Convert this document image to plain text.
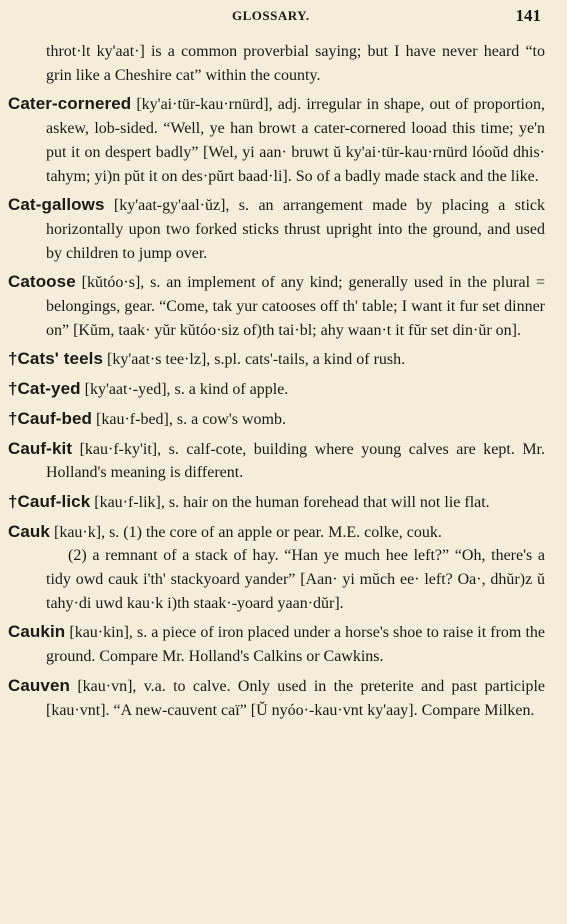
GLOSSARY.	141

throt·lt ky'aat·] is a common proverbial saying; but I have never heard “to grin like a Cheshire cat” within the county.

Cater-cornered [ky'ai·tür-kau·rnürd], adj. irregular in shape, out of proportion, askew, lob-sided. “Well, ye han browt a cater-cornered looad this time; ye'n put it on despert badly” [Wel, yi aan· bruwt ŭ ky'ai·tür-kau·rnürd lóoŭd dhis· tahym; yi)n pŭt it on des·pŭrt baad·li]. So of a badly made stack and the like.

Cat-gallows [ky'aat-gy'aal·ŭz], s. an arrangement made by placing a stick horizontally upon two forked sticks thrust upright into the ground, and used by children to jump over.

Catoose [kŭtóo·s], s. an implement of any kind; generally used in the plural = belongings, gear. “Come, tak yur catooses off th' table; I want it fur set dinner on” [Kŭm, taak· yŭr kŭtóo·siz of)th tai·bl; ahy waan·t it fŭr set din·ŭr on].

†Cats' teels [ky'aat·s tee·lz], s.pl. cats'-tails, a kind of rush.

†Cat-yed [ky'aat·-yed], s. a kind of apple.

†Cauf-bed [kau·f-bed], s. a cow's womb.

Cauf-kit [kau·f-ky'it], s. calf-cote, building where young calves are kept. Mr. Holland's meaning is different.

†Cauf-lick [kau·f-lik], s. hair on the human forehead that will not lie flat.

Cauk [kau·k], s. (1) the core of an apple or pear. M.E. colke, couk.

(2) a remnant of a stack of hay. “Han ye much hee left?” “Oh, there's a tidy owd cauk i'th' stackyoard yander” [Aan· yi mŭch ee· left? Oa·, dhŭr)z ŭ tahy·di uwd kau·k i)th staak·-yoard yaan·dŭr].

Caukin [kau·kin], s. a piece of iron placed under a horse's shoe to raise it from the ground. Compare Mr. Holland's Calkins or Cawkins.

Cauven [kau·vn], v.a. to calve. Only used in the preterite and past participle [kau·vnt]. “A new-cauvent caï” [Ŭ nyóo·-kau·vnt ky'aay]. Compare Milken.
